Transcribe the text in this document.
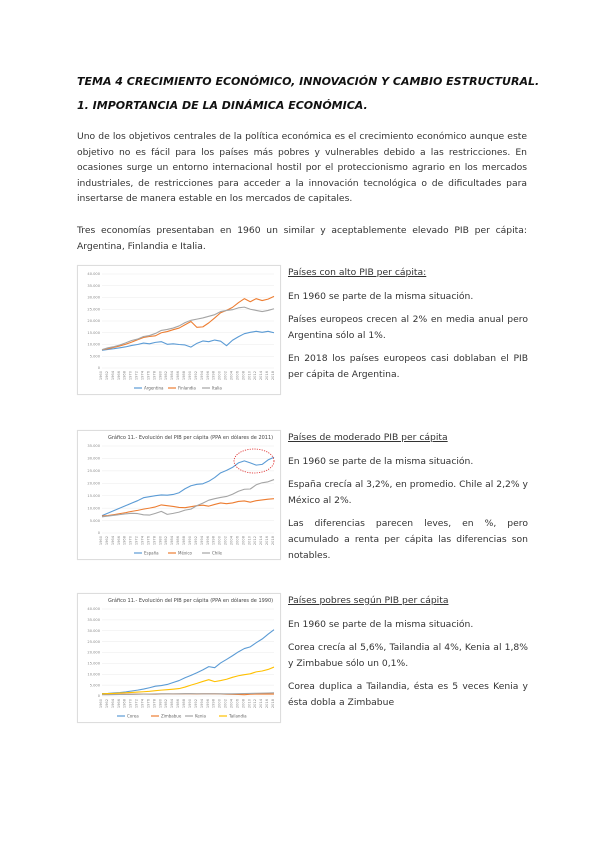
TEMA 4 CRECIMIENTO ECONÓMICO, INNOVACIÓN Y CAMBIO ESTRUCTURAL.
1. IMPORTANCIA DE LA DINÁMICA ECONÓMICA.
Uno de los objetivos centrales de la política económica es el crecimiento económico aunque este objetivo no es fácil para los países más pobres y vulnerables debido a las restricciones. En ocasiones surge un entorno internacional hostil por el proteccionismo agrario en los mercados industriales, de restricciones para acceder a la innovación tecnológica o de dificultades para insertarse de manera estable en los mercados de capitales.
Tres economías presentaban en 1960 un similar y aceptablemente elevado PIB per cápita: Argentina, Finlandia e Italia.
0
5.000
10.000
15.000
20.000
25.000
30.000
35.000
40.000
1960 1962 1964 1966 1968 1970 1972 1974 1976 1978 1980 1982 1984 1986 1988 1990 1992 1994 1996 1998 2000 2002 2004 2006 2008 2010 2012 2014 2016 2018
Argentina	Finlandia	Italia

Países con alto PIB per cápita:

En 1960 se parte de la misma situación.

Países europeos crecen al 2% en media anual pero Argentina sólo al 1%.

En 2018 los países europeos casi doblaban el PIB per cápita de Argentina.

Gráfico 11.- Evolución del PIB per cápita (PPA en dólares de 2011)
0
5.000
10.000
15.000
20.000
25.000
30.000
35.000
1960 1962 1964 1966 1968 1970 1972 1974 1976 1978 1980 1982 1984 1986 1988 1990 1992 1994 1996 1998 2000 2002 2004 2006 2008 2010 2012 2014 2016 2018
España	México	Chile

Países de moderado PIB per cápita

En 1960 se parte de la misma situación.

España crecía al 3,2%, en promedio. Chile al 2,2% y México al 2%.

Las diferencias parecen leves, en %, pero acumulado a renta per cápita las diferencias son notables.

Gráfico 11.- Evolución del PIB per cápita (PPA en dólares de 1990)
0
5.000
10.000
15.000
20.000
25.000
30.000
35.000
40.000
1960 1962 1964 1966 1968 1970 1972 1974 1976 1978 1980 1982 1984 1986 1988 1990 1992 1994 1996 1998 2000 2002 2004 2006 2008 2010 2012 2014 2016 2018
Corea	Zimbabue	Kenia	Tailandia

Países pobres según PIB per cápita

En 1960 se parte de la misma situación.

Corea crecía al 5,6%, Tailandia al 4%, Kenia al 1,8% y Zimbabue sólo un 0,1%.

Corea duplica a Tailandia, ésta es 5 veces Kenia y ésta dobla a Zimbabue
